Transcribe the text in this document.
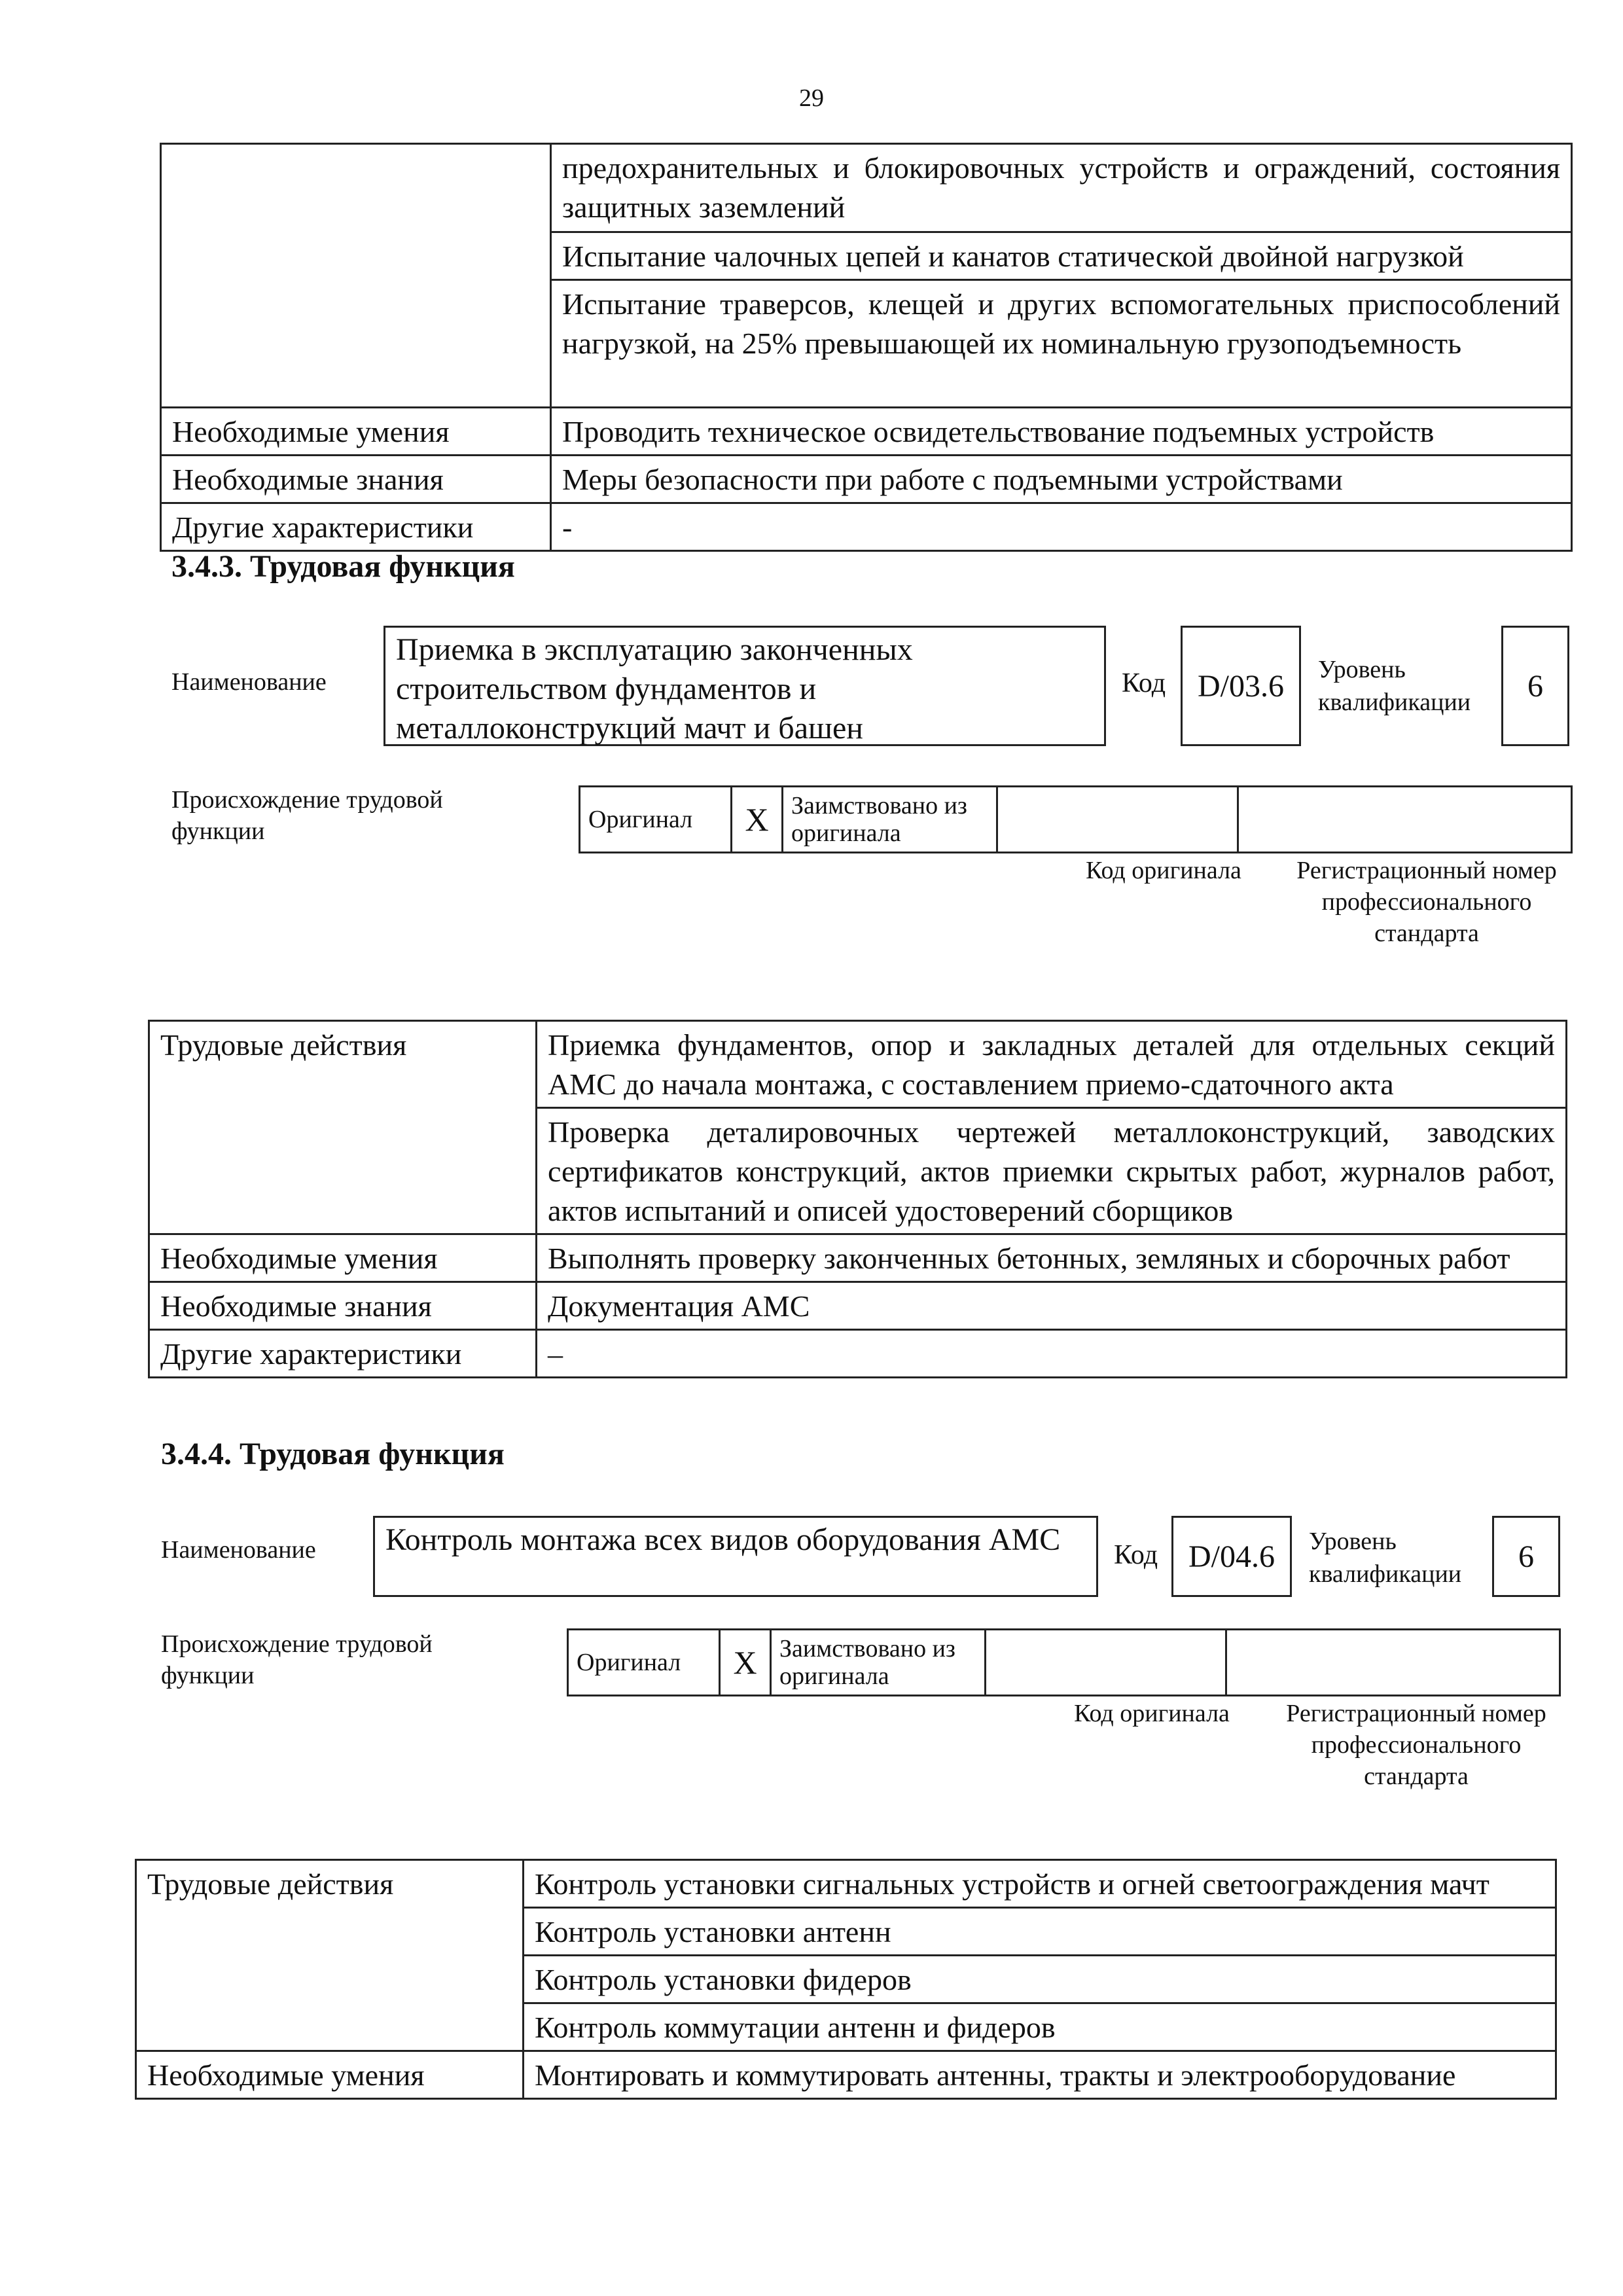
29
	предохранительных и блокировочных устройств и ограждений, состояния защитных заземлений
	Испытание чалочных цепей и канатов статической двойной нагрузкой
	Испытание траверсов, клещей и других вспомогательных приспособлений нагрузкой, на 25% превышающей их номинальную грузоподъемность
Необходимые умения	Проводить техническое освидетельствование подъемных устройств
Необходимые знания	Меры безопасности при работе с подъемными устройствами
Другие характеристики	-
3.4.3. Трудовая функция
Наименование
Приемка в эксплуатацию законченных строительством фундаментов и металлоконструкций мачт и башен
Код	D/03.6	Уровень квалификации	6
Происхождение трудовой функции	Оригинал	X	Заимствовано из оригинала		
Код оригинала	Регистрационный номер профессионального стандарта
Трудовые действия	Приемка фундаментов, опор и закладных деталей для отдельных секций АМС до начала монтажа, с составлением приемо-сдаточного акта
	Проверка деталировочных чертежей металлоконструкций, заводских сертификатов конструкций, актов приемки скрытых работ, журналов работ, актов испытаний и описей удостоверений сборщиков
Необходимые умения	Выполнять проверку законченных бетонных, земляных и сборочных работ
Необходимые знания	Документация АМС
Другие характеристики	–
3.4.4. Трудовая функция
Наименование	Контроль монтажа всех видов оборудования АМС	Код D/04.6	Уровень квалификации
6
Происхождение трудовой функции	Оригинал	X	Заимствовано из оригинала		
Код оригинала	Регистрационный номер профессионального стандарта
Трудовые действия	Контроль установки сигнальных устройств и огней светоограждения мачт
	Контроль установки антенн
	Контроль установки фидеров
	Контроль коммутации антенн и фидеров
Необходимые умения	Монтировать и коммутировать антенны, тракты и электрооборудование
